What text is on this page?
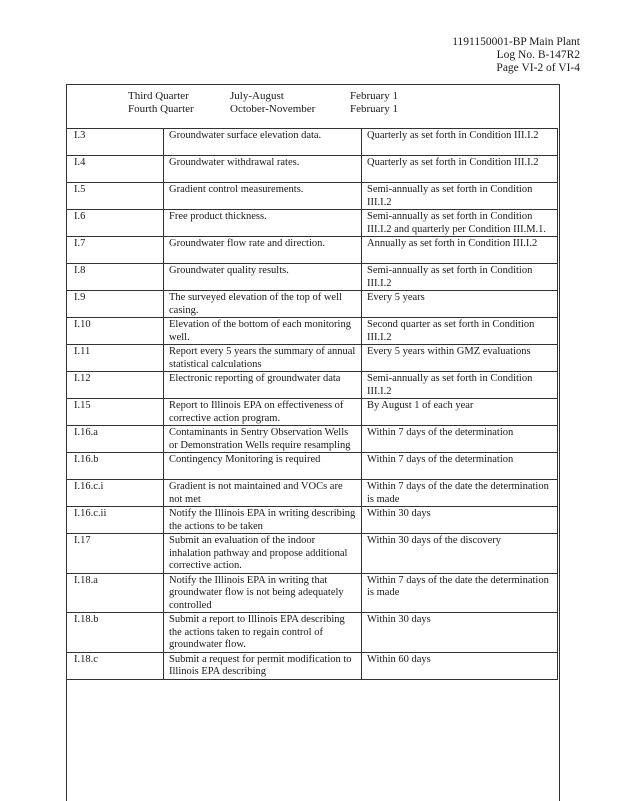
1191150001-BP Main Plant
Log No. B-147R2
Page VI-2 of VI-4
Third Quarter	July-August	February 1
Fourth Quarter	October-November	February 1
I.3	Groundwater surface elevation data.	Quarterly as set forth in Condition III.I.2
I.4	Groundwater withdrawal rates.	Quarterly as set forth in Condition III.I.2
I.5	Gradient control measurements.	Semi-annually as set forth in Condition III.I.2
I.6	Free product thickness.	Semi-annually as set forth in Condition III.I.2 and quarterly per Condition III.M.1.
I.7	Groundwater flow rate and direction.	Annually as set forth in Condition III.I.2
I.8	Groundwater quality results.	Semi-annually as set forth in Condition III.I.2
I.9	The surveyed elevation of the top of well casing.	Every 5 years
I.10	Elevation of the bottom of each monitoring well.	Second quarter as set forth in Condition III.I.2
I.11	Report every 5 years the summary of annual statistical calculations	Every 5 years within GMZ evaluations
I.12	Electronic reporting of groundwater data	Semi-annually as set forth in Condition III.I.2
I.15	Report to Illinois EPA on effectiveness of corrective action program.	By August 1 of each year
I.16.a	Contaminants in Sentry Observation Wells or Demonstration Wells require resampling	Within 7 days of the determination
I.16.b	Contingency Monitoring is required	Within 7 days of the determination
I.16.c.i	Gradient is not maintained and VOCs are not met	Within 7 days of the date the determination is made
I.16.c.ii	Notify the Illinois EPA in writing describing the actions to be taken	Within 30 days
I.17	Submit an evaluation of the indoor inhalation pathway and propose additional corrective action.	Within 30 days of the discovery
I.18.a	Notify the Illinois EPA in writing that groundwater flow is not being adequately controlled	Within 7 days of the date the determination is made
I.18.b	Submit a report to Illinois EPA describing the actions taken to regain control of groundwater flow.	Within 30 days
I.18.c	Submit a request for permit modification to Illinois EPA describing	Within 60 days
